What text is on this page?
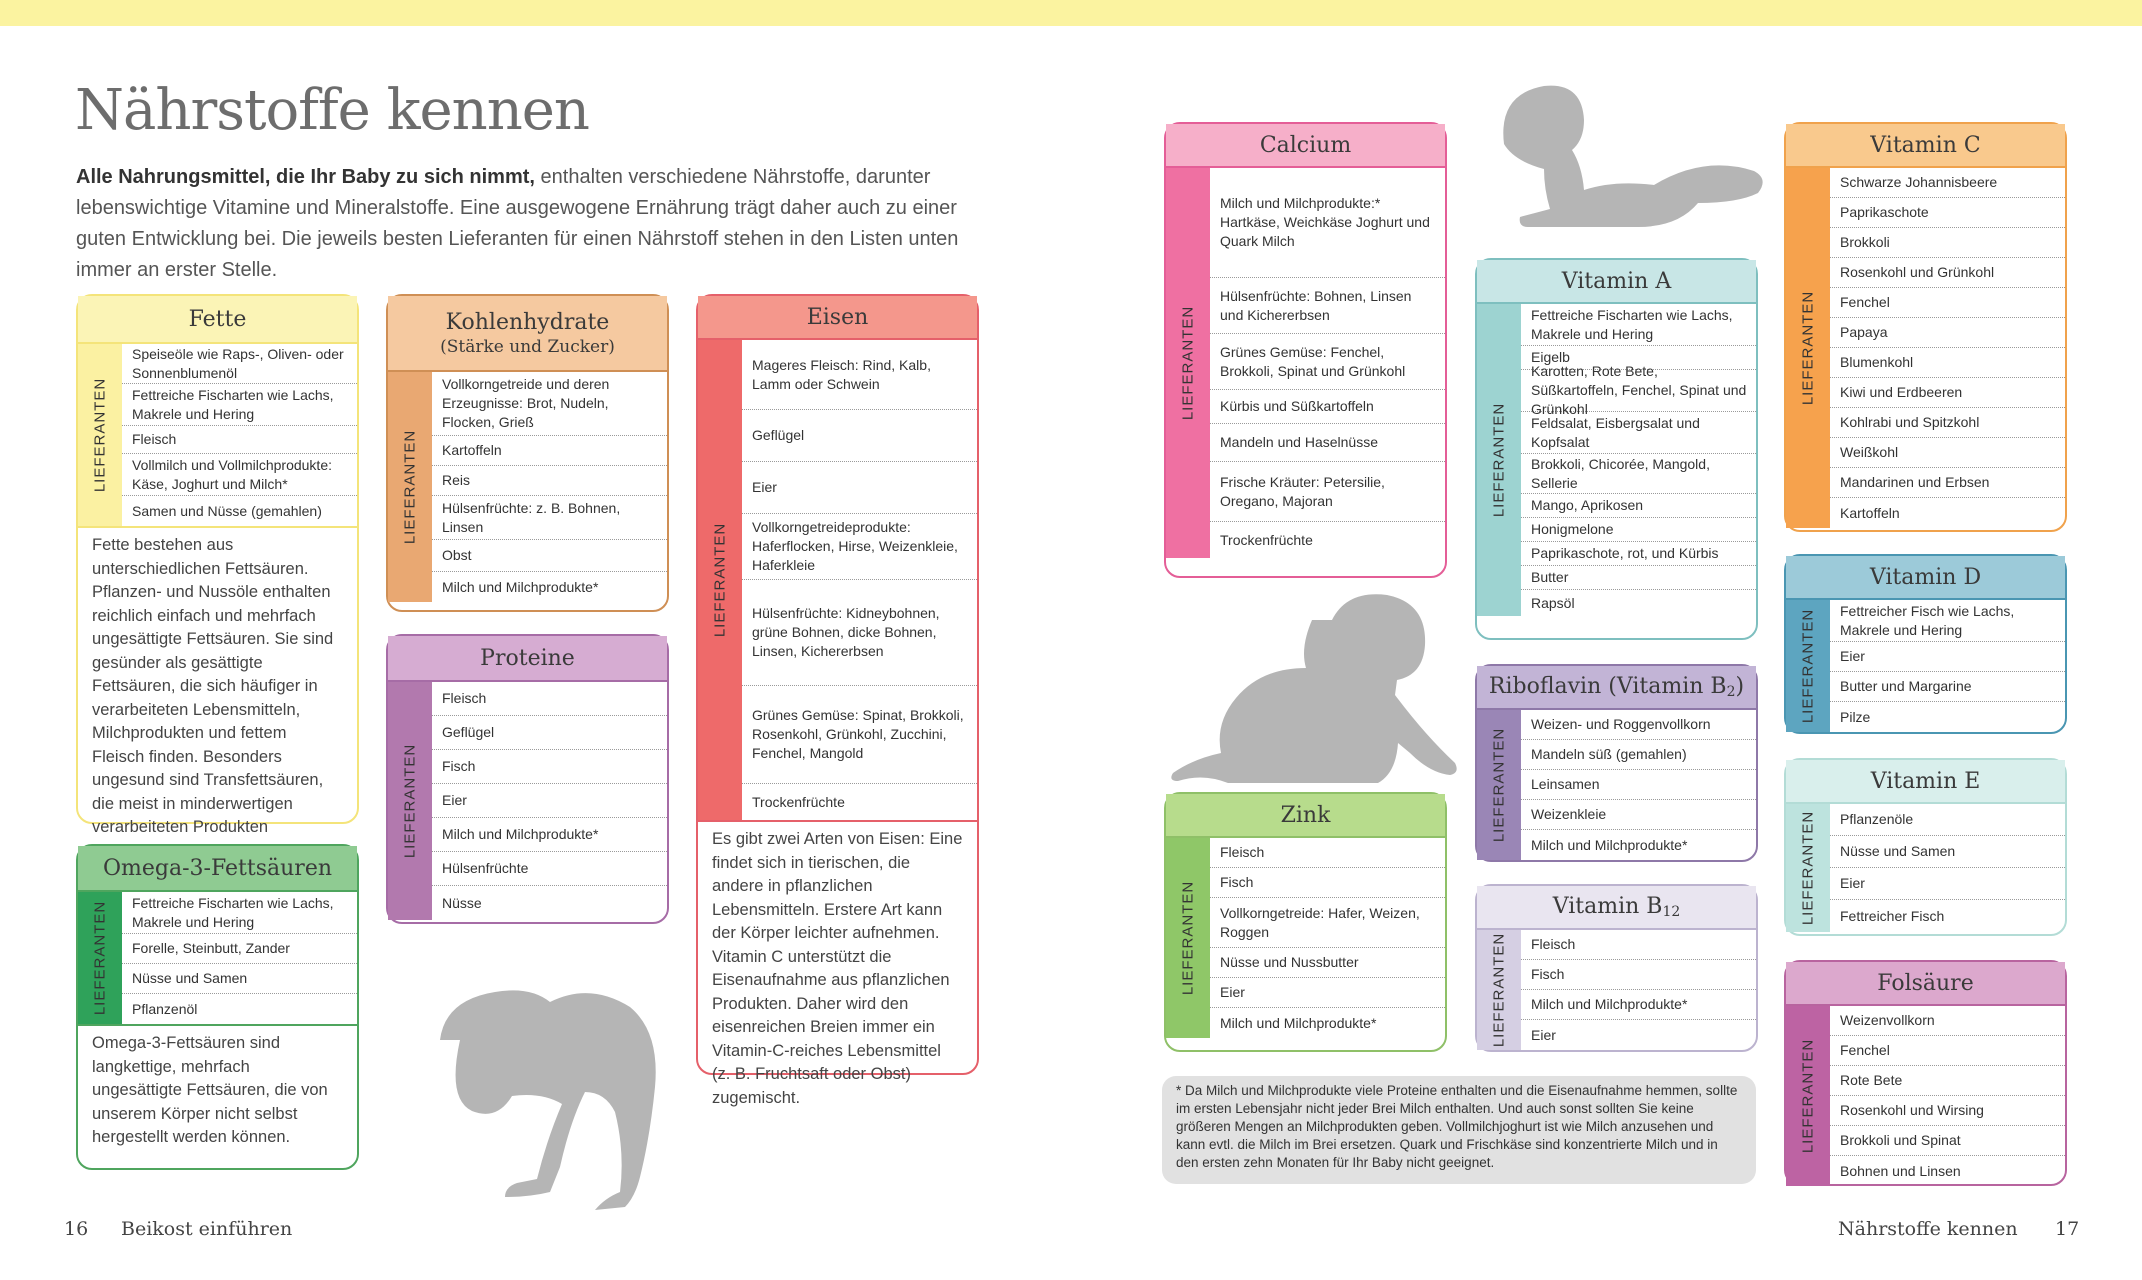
Nährstoffe kennen
Alle Nahrungsmittel, die Ihr Baby zu sich nimmt, enthalten verschiedene Nährstoffe, darunter lebenswichtige Vitamine und Mineralstoffe. Eine ausgewogene Ernährung trägt daher auch zu einer guten Entwicklung bei. Die jeweils besten Lieferanten für einen Nährstoff stehen in den Listen unten immer an erster Stelle.
Fette
LIEFERANTEN
Speiseöle wie Raps-, Oliven- oder Sonnenblumenöl
Fettreiche Fischarten wie Lachs, Makrele und Hering
Fleisch
Vollmilch und Vollmilchprodukte: Käse, Joghurt und Milch*
Samen und Nüsse (gemahlen)
Fette bestehen aus unterschiedlichen Fettsäuren. Pflanzen- und Nussöle enthalten reichlich einfach und mehrfach ungesättigte Fettsäuren. Sie sind gesünder als gesättigte Fettsäuren, die sich häufiger in verarbeiteten Lebensmitteln, Milchprodukten und fettem Fleisch finden. Besonders ungesund sind Transfettsäuren, die meist in minderwertigen verarbeiteten Produkten
Omega-3-Fettsäuren
LIEFERANTEN	Fettreiche Fischarten wie Lachs, Makrele und Hering
Forelle, Steinbutt, Zander
Nüsse und Samen
Pflanzenöl
Omega-3-Fettsäuren sind langkettige, mehrfach ungesättigte Fettsäuren, die von unserem Körper nicht selbst hergestellt werden können.
Kohlenhydrate
(Stärke und Zucker)
LIEFERANTEN
Vollkorngetreide und deren Erzeugnisse: Brot, Nudeln, Flocken, Grieß
Kartoffeln
Reis
Hülsenfrüchte: z. B. Bohnen, Linsen
Obst
Milch und Milchprodukte*
Proteine
LIEFERANTEN
Fleisch
Geflügel
Fisch
Eier
Milch und Milchprodukte*
Hülsenfrüchte
Nüsse
Eisen
LIEFERANTEN
Mageres Fleisch: Rind, Kalb, Lamm oder Schwein
Geflügel
Eier
Vollkorngetreideprodukte: Haferflocken, Hirse, Weizenkleie, Haferkleie
Hülsenfrüchte: Kidneybohnen, grüne Bohnen, dicke Bohnen, Linsen, Kichererbsen
Grünes Gemüse: Spinat, Brokkoli, Rosenkohl, Grünkohl, Zucchini, Fenchel, Mangold
Trockenfrüchte
Es gibt zwei Arten von Eisen: Eine findet sich in tierischen, die andere in pflanzlichen Lebensmitteln. Erstere Art kann der Körper leichter aufnehmen. Vitamin C unterstützt die Eisenaufnahme aus pflanzlichen Produkten. Daher wird den eisenreichen Breien immer ein Vitamin-C-reiches Lebensmittel (z. B. Fruchtsaft oder Obst) zugemischt.
Calcium
LIEFERANTEN
Milch und Milchprodukte:* Hartkäse, Weichkäse Joghurt und Quark Milch
Hülsenfrüchte: Bohnen, Linsen und Kichererbsen
Grünes Gemüse: Fenchel, Brokkoli, Spinat und Grünkohl
Kürbis und Süßkartoffeln
Mandeln und Haselnüsse
Frische Kräuter: Petersilie, Oregano, Majoran
Trockenfrüchte
Zink
LIEFERANTEN
Fleisch
Fisch
Vollkorngetreide: Hafer, Weizen, Roggen
Nüsse und Nussbutter
Eier
Milch und Milchprodukte*
Vitamin A
LIEFERANTEN
Fettreiche Fischarten wie Lachs, Makrele und Hering
Eigelb
Karotten, Rote Bete, Süßkartoffeln, Fenchel, Spinat und Grünkohl
Feldsalat, Eisbergsalat und Kopfsalat
Brokkoli, Chicorée, Mangold, Sellerie
Mango, Aprikosen
Honigmelone
Paprikaschote, rot, und Kürbis
Butter
Rapsöl
Riboflavin (Vitamin $B_2$)
LIEFERANTEN
Weizen- und Roggenvollkorn
Mandeln süß (gemahlen)
Leinsamen
Weizenkleie
Milch und Milchprodukte*
Vitamin $B_{12}$
LIEFERANTEN	Fleisch
Fisch
Milch und Milchprodukte*
Eier
Vitamin C
LIEFERANTEN
Schwarze Johannisbeere
Paprikaschote
Brokkoli
Rosenkohl und Grünkohl
Fenchel
Papaya
Blumenkohl
Kiwi und Erdbeeren
Kohlrabi und Spitzkohl
Weißkohl
Mandarinen und Erbsen
Kartoffeln
Vitamin D
LIEFERANTEN	Fettreicher Fisch wie Lachs, Makrele und Hering
Eier
Butter und Margarine
Pilze
Vitamin E
LIEFERANTEN	Pflanzenöle
Nüsse und Samen
Eier
Fettreicher Fisch
Folsäure
LIEFERANTEN
Weizenvollkorn
Fenchel
Rote Bete
Rosenkohl und Wirsing
Brokkoli und Spinat
Bohnen und Linsen
* Da Milch und Milchprodukte viele Proteine enthalten und die Eisenaufnahme hemmen, sollte im ersten Lebensjahr nicht jeder Brei Milch enthalten. Und auch sonst sollten Sie keine größeren Mengen an Milchprodukten geben. Vollmilchjoghurt ist wie Milch anzusehen und kann evtl. die Milch im Brei ersetzen. Quark und Frischkäse sind konzentrierte Milch und in den ersten zehn Monaten für Ihr Baby nicht geeignet.
16 Beikost einführen	Nährstoffe kennen 17
